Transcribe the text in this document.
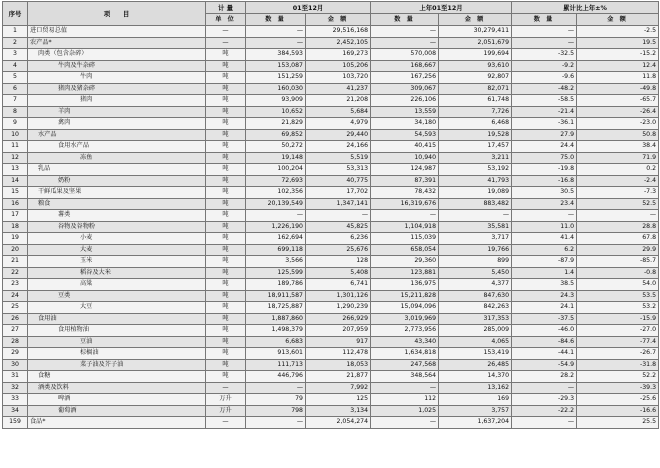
序号	项　　目	计 量	01至12月		上年01至12月		累计比上年±%	
		单 位	数 量	金 额	数 量	金 额	数 量	金 额
1	进口贸易总值	—	—	29,516,168	—	30,279,411	—	-2.5
2	农产品*	—	—	2,452,105	—	2,051,679	—	19.5
3	肉类（包含杂碎）	吨	384,593	169,273	570,008	199,694	-32.5	-15.2
4	牛肉及牛杂碎	吨	153,087	105,206	168,667	93,610	-9.2	12.4
5	牛肉	吨	151,259	103,720	167,256	92,807	-9.6	11.8
6	猪肉及猪杂碎	吨	160,030	41,237	309,067	82,071	-48.2	-49.8
7	猪肉	吨	93,909	21,208	226,106	61,748	-58.5	-65.7
8	羊肉	吨	10,652	5,684	13,559	7,726	-21.4	-26.4
9	禽肉	吨	21,829	4,979	34,180	6,468	-36.1	-23.0
10	水产品	吨	69,852	29,440	54,593	19,528	27.9	50.8
11	食用水产品	吨	50,272	24,166	40,415	17,457	24.4	38.4
12	冻鱼	吨	19,148	5,519	10,940	3,211	75.0	71.9
13	乳品	吨	100,204	53,313	124,987	53,192	-19.8	0.2
14	奶粉	吨	72,693	40,775	87,391	41,793	-16.8	-2.4
15	干鲜瓜果及坚果	吨	102,356	17,702	78,432	19,089	30.5	-7.3
16	粮食	吨	20,139,549	1,347,141	16,319,676	883,482	23.4	52.5
17	薯类	吨	—	—	—	—	—	—
18	谷物及谷物粉	吨	1,226,190	45,825	1,104,918	35,581	11.0	28.8
19	小麦	吨	162,694	6,236	115,039	3,717	41.4	67.8
20	大麦	吨	699,118	25,676	658,054	19,766	6.2	29.9
21	玉米	吨	3,566	128	29,360	899	-87.9	-85.7
22	稻谷及大米	吨	125,599	5,408	123,881	5,450	1.4	-0.8
23	高粱	吨	189,786	6,741	136,975	4,377	38.5	54.0
24	豆类	吨	18,911,587	1,301,126	15,211,828	847,630	24.3	53.5
25	大豆	吨	18,725,887	1,290,239	15,094,096	842,263	24.1	53.2
26	食用油	吨	1,887,860	266,929	3,019,969	317,353	-37.5	-15.9
27	食用植物油	吨	1,498,379	207,959	2,773,956	285,009	-46.0	-27.0
28	豆油	吨	6,683	917	43,340	4,065	-84.6	-77.4
29	棕榈油	吨	913,601	112,478	1,634,818	153,419	-44.1	-26.7
30	菜子油及芥子油	吨	111,713	18,053	247,568	26,485	-54.9	-31.8
31	食糖	吨	446,796	21,877	348,564	14,370	28.2	52.2
32	酒类及饮料	—	—	7,992	—	13,162	—	-39.3
33	啤酒	万升	79	125	112	169	-29.3	-25.6
34	葡萄酒	万升	798	3,134	1,025	3,757	-22.2	-16.6
159	食品*	—	—	2,054,274	—	1,637,204	—	25.5
